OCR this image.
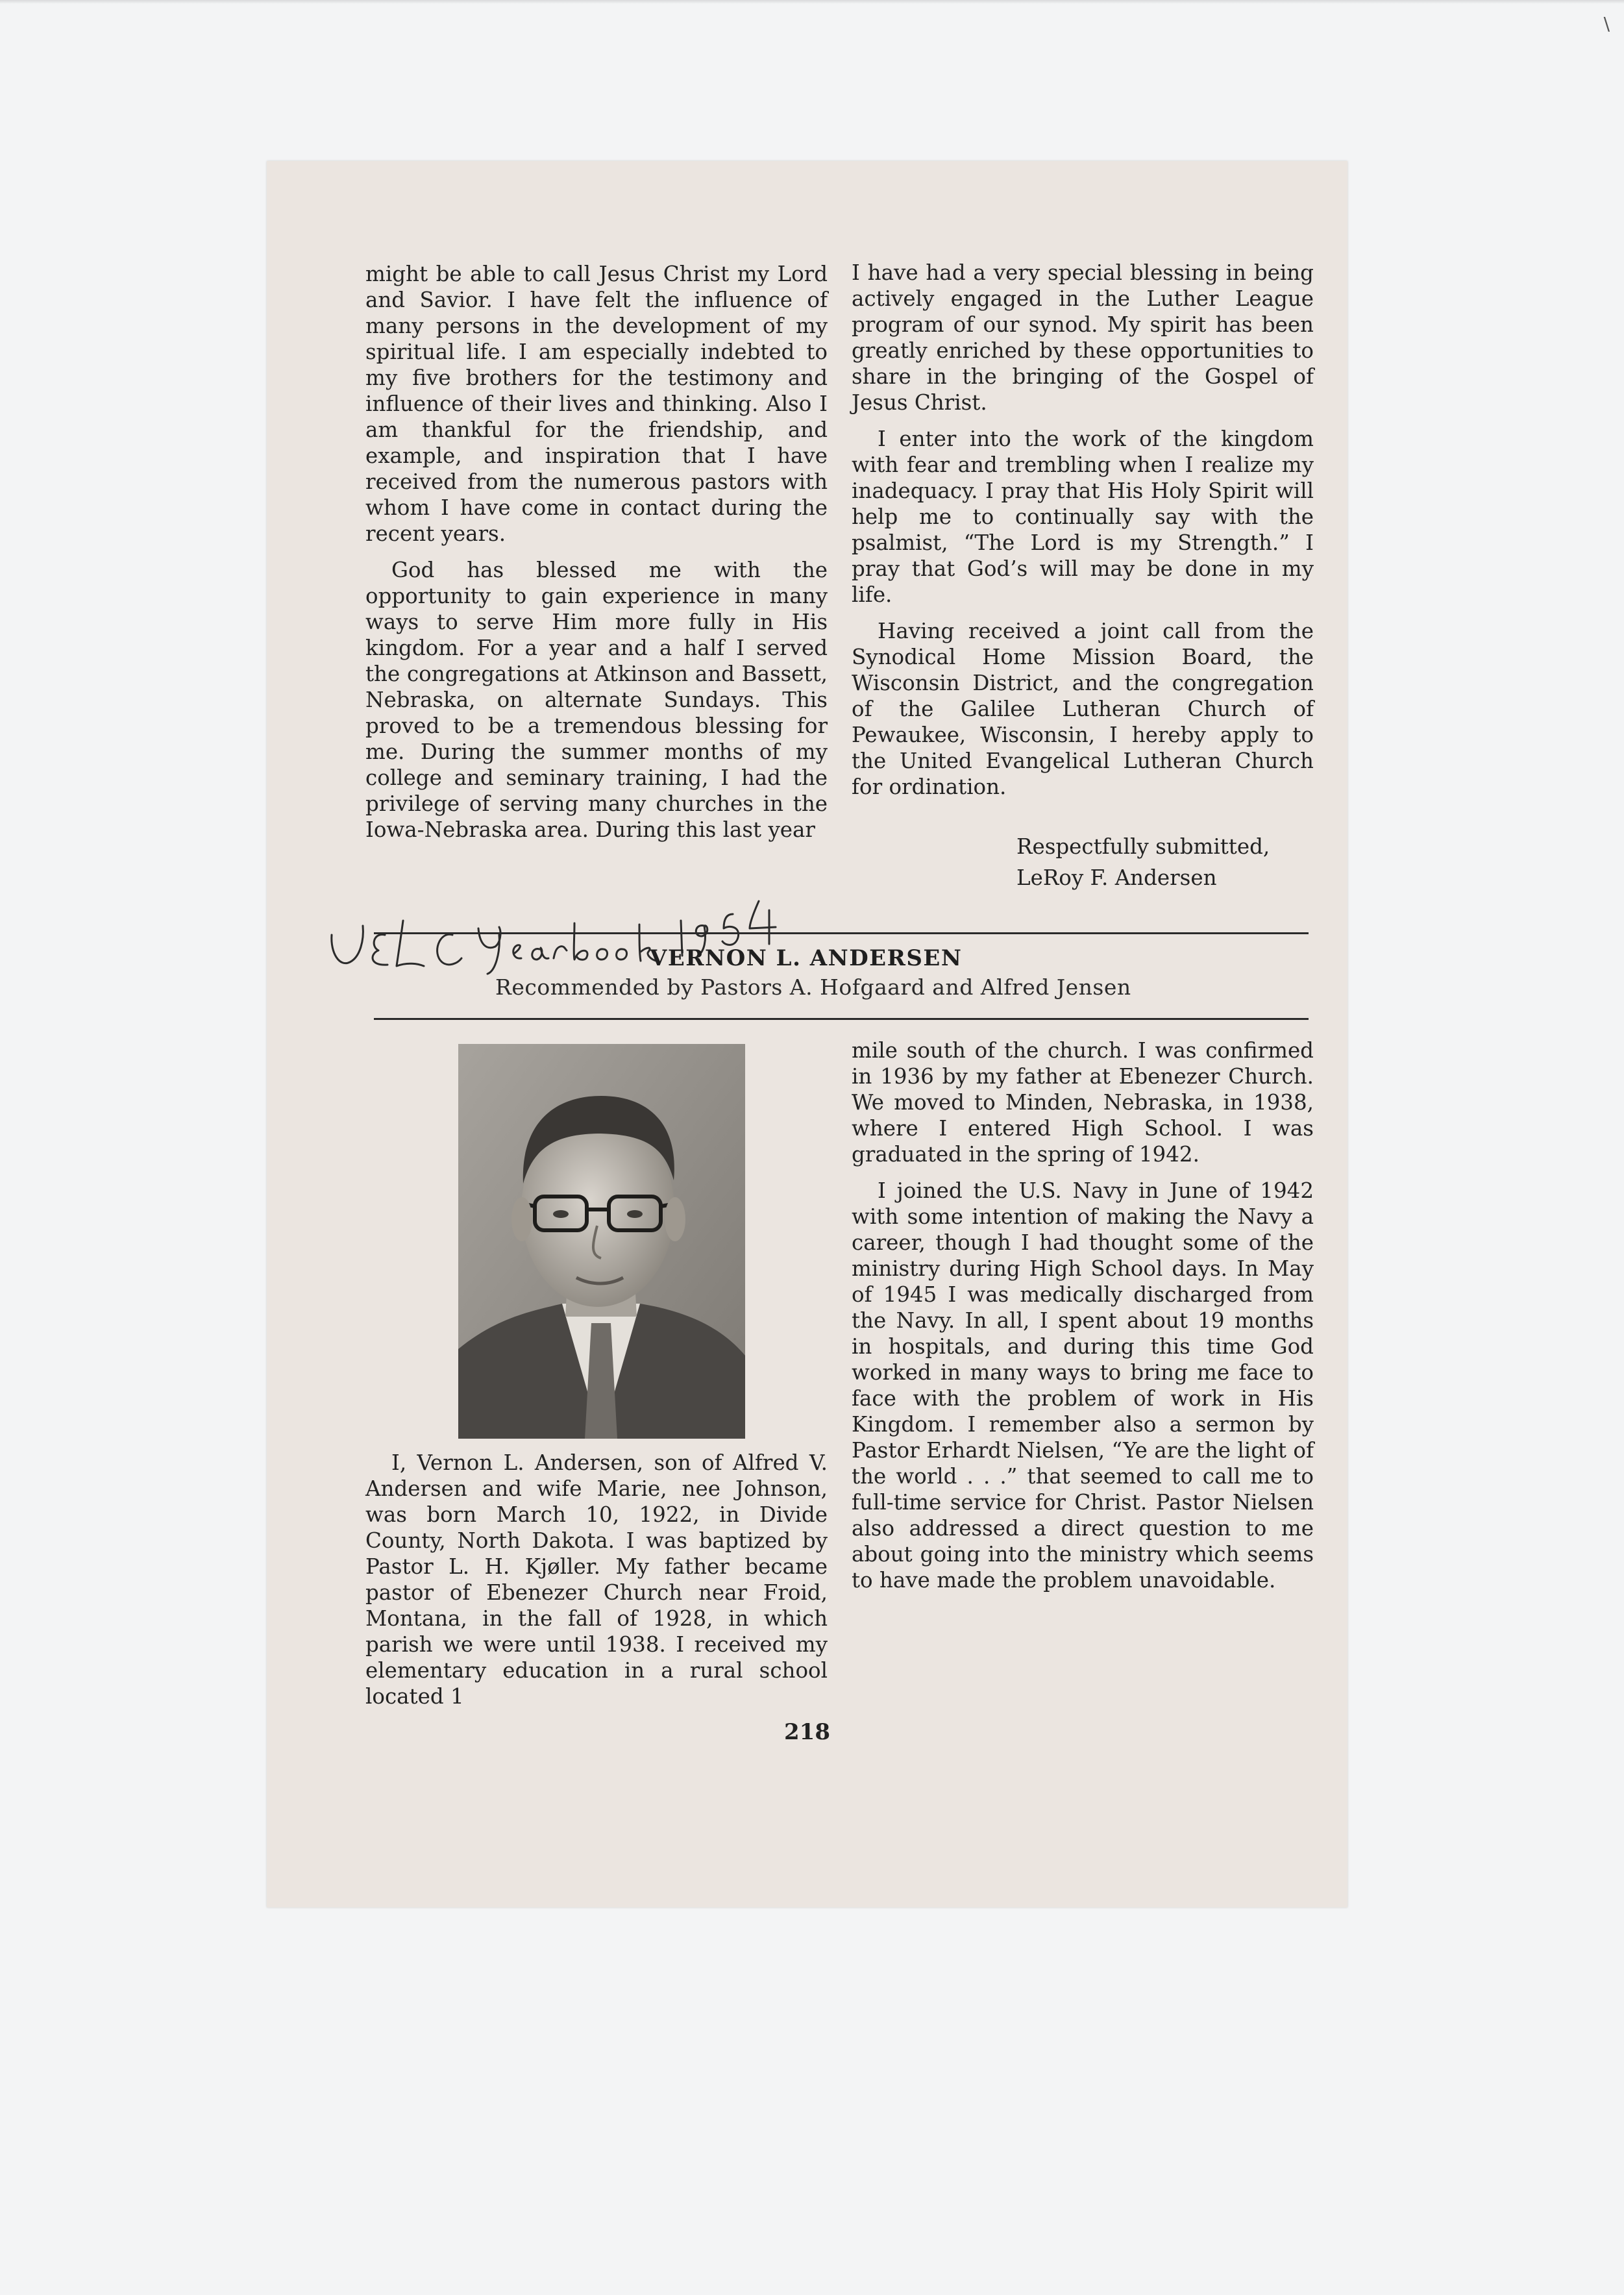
\

might be able to call Jesus Christ my Lord and Savior. I have felt the influence of many persons in the development of my spiritual life. I am especially indebted to my five brothers for the testimony and influence of their lives and thinking. Also I am thankful for the friendship, and example, and inspiration that I have received from the numerous pastors with whom I have come in contact during the recent years.

God has blessed me with the opportunity to gain experience in many ways to serve Him more fully in His kingdom. For a year and a half I served the congregations at Atkinson and Bassett, Nebraska, on alternate Sundays. This proved to be a tremendous blessing for me. During the summer months of my college and seminary training, I had the privilege of serving many churches in the Iowa-Nebraska area. During this last year

I have had a very special blessing in being actively engaged in the Luther League program of our synod. My spirit has been greatly enriched by these opportunities to share in the bringing of the Gospel of Jesus Christ.

I enter into the work of the kingdom with fear and trembling when I realize my inadequacy. I pray that His Holy Spirit will help me to continually say with the psalmist, “The Lord is my Strength.” I pray that God’s will may be done in my life.

Having received a joint call from the Synodical Home Mission Board, the Wisconsin District, and the congregation of the Galilee Lutheran Church of Pewaukee, Wisconsin, I hereby apply to the United Evangelical Lutheran Church for ordination.

Respectfully submitted,
LeRoy F. Andersen
VERNON L. ANDERSEN
Recommended by Pastors A. Hofgaard and Alfred Jensen

I, Vernon L. Andersen, son of Alfred V. Andersen and wife Marie, nee Johnson, was born March 10, 1922, in Divide County, North Dakota. I was baptized by Pastor L. H. Kjøller. My father became pastor of Ebenezer Church near Froid, Montana, in the fall of 1928, in which parish we were until 1938. I received my elementary education in a rural school located 1

mile south of the church. I was confirmed in 1936 by my father at Ebenezer Church. We moved to Minden, Nebraska, in 1938, where I entered High School. I was graduated in the spring of 1942.

I joined the U.S. Navy in June of 1942 with some intention of making the Navy a career, though I had thought some of the ministry during High School days. In May of 1945 I was medically discharged from the Navy. In all, I spent about 19 months in hospitals, and during this time God worked in many ways to bring me face to face with the problem of work in His Kingdom. I remember also a sermon by Pastor Erhardt Nielsen, “Ye are the light of the world . . .” that seemed to call me to full-time service for Christ. Pastor Nielsen also addressed a direct question to me about going into the ministry which seems to have made the problem unavoidable.

218
